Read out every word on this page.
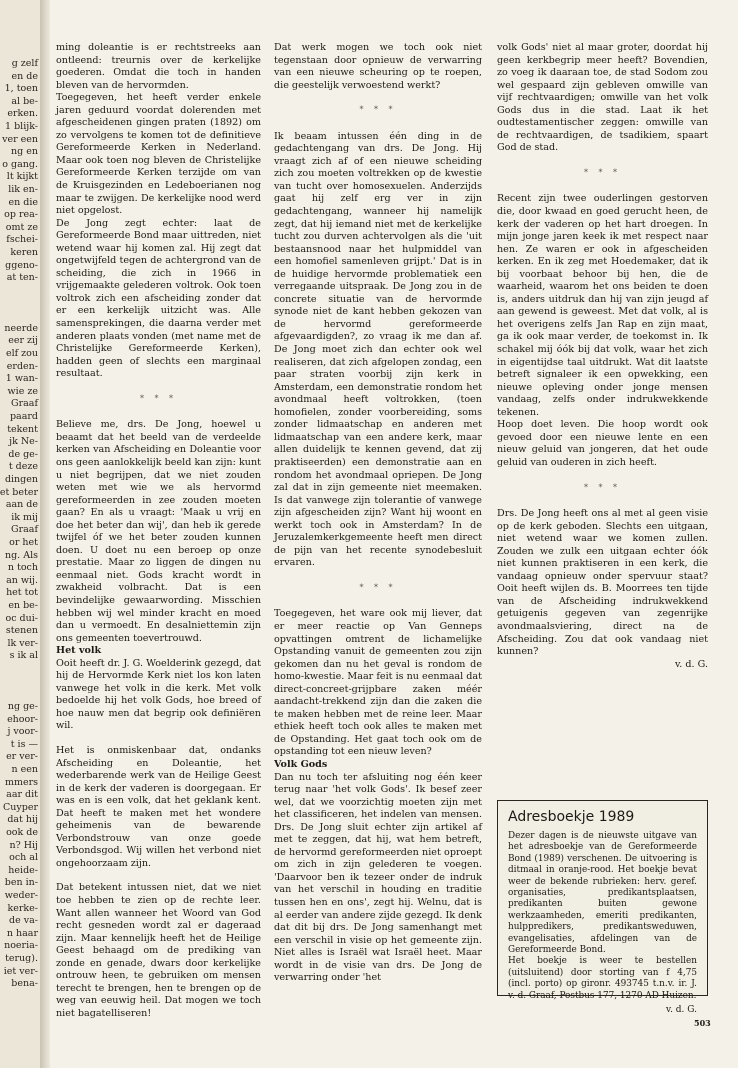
g zelf
en de
1, toen
al be-
erken.
1 blijk-
ver een
ng en
o gang.
lt kijkt
lik en-
en die
op rea-
omt ze
fschei-
keren
ggeno-
at ten-
neerde
eer zij
elf zou
erden-
1 wan-
wie ze
Graaf
paard
tekent
jk Ne-
de ge-
t deze
dingen
et beter
aan de
ik mij
Graaf
or het
ng. Als
n toch
an wij.
het tot
en be-
oc dui-
stenen
lk ver-
s ik al
ng ge-
ehoor-
j voor-
t is —
er ver-
n een
mmers
aar dit
Cuyper
dat hij
ook de
n? Hij
och al
heide-
ben in-
weder-
kerke-
de va-
n haar
noeria-
terug).
iet ver-
bena-

ming doleantie is er rechtstreeks aan ontleend: treurnis over de kerkelijke goederen. Omdat die toch in handen bleven van de hervormden.

Toegegeven, het heeft verder enkele jaren geduurd voordat dolerenden met afgescheidenen gingen praten (1892) om zo vervolgens te komen tot de definitieve Gereformeerde Kerken in Nederland. Maar ook toen nog bleven de Christelijke Gereformeerde Kerken terzijde om van de Kruisgezinden en Ledeboerianen nog maar te zwijgen. De kerkelijke nood werd niet opgelost.

De Jong zegt echter: laat de Gereformeerde Bond maar uittreden, niet wetend waar hij komen zal. Hij zegt dat ongetwijfeld tegen de achtergrond van de scheiding, die zich in 1966 in vrijgemaakte gelederen voltrok. Ook toen voltrok zich een afscheiding zonder dat er een kerkelijk uitzicht was. Alle samensprekingen, die daarna verder met anderen plaats vonden (met name met de Christelijke Gereformeerde Kerken), hadden geen of slechts een marginaal resultaat.

* * *

Believe me, drs. De Jong, hoewel u beaamt dat het beeld van de verdeelde kerken van Afscheiding en Doleantie voor ons geen aanlokkelijk beeld kan zijn: kunt u niet begrijpen, dat we niet zouden weten met wie we als hervormd gereformeerden in zee zouden moeten gaan? En als u vraagt: 'Maak u vrij en doe het beter dan wij', dan heb ik gerede twijfel óf we het beter zouden kunnen doen. U doet nu een beroep op onze prestatie. Maar zo liggen de dingen nu eenmaal niet. Gods kracht wordt in zwakheid volbracht. Dat is een bevindelijke gewaarwording. Misschien hebben wij wel minder kracht en moed dan u vermoedt. En desalniettemin zijn ons gemeenten toevertrouwd.

Het volk

Ooit heeft dr. J. G. Woelderink gezegd, dat hij de Hervormde Kerk niet los kon laten vanwege het volk in die kerk. Met volk bedoelde hij het volk Gods, hoe breed of hoe nauw men dat begrip ook definiëren wil.

Het is onmiskenbaar dat, ondanks Afscheiding en Doleantie, het wederbarende werk van de Heilige Geest in de kerk der vaderen is doorgegaan. Er was en is een volk, dat het geklank kent. Dat heeft te maken met het wondere geheimenis van de bewarende Verbondstrouw van onze goede Verbondsgod. Wij willen het verbond niet ongehoorzaam zijn.

Dat betekent intussen niet, dat we niet toe hebben te zien op de rechte leer. Want allen wanneer het Woord van God recht gesneden wordt zal er dageraad zijn. Maar kennelijk heeft het de Heilige Geest behaagd om de prediking van zonde en genade, dwars door kerkelijke ontrouw heen, te gebruiken om mensen terecht te brengen, hen te brengen op de weg van eeuwig heil. Dat mogen we toch niet bagatelliseren!

Dat werk mogen we toch ook niet tegenstaan door opnieuw de verwarring van een nieuwe scheuring op te roepen, die geestelijk verwoestend werkt?

* * *

Ik beaam intussen één ding in de gedachtengang van drs. De Jong. Hij vraagt zich af of een nieuwe scheiding zich zou moeten voltrekken op de kwestie van tucht over homosexuelen. Anderzijds gaat hij zelf erg ver in zijn gedachtengang, wanneer hij namelijk zegt, dat hij iemand niet met de kerkelijke tucht zou durven achtervolgen als die 'uit bestaansnood naar het hulpmiddel van een homofiel samenleven grijpt.' Dat is in de huidige hervormde problematiek een verregaande uitspraak. De Jong zou in de concrete situatie van de hervormde synode niet de kant hebben gekozen van de hervormd gereformeerde afgevaardigden?, zo vraag ik me dan af. De Jong moet zich dan echter ook wel realiseren, dat zich afgelopen zondag, een paar straten voorbij zijn kerk in Amsterdam, een demonstratie rondom het avondmaal heeft voltrokken, (toen homofielen, zonder voorbereiding, soms zonder lidmaatschap en anderen met lidmaatschap van een andere kerk, maar allen duidelijk te kennen gevend, dat zij praktiseerden) een demonstratie aan en rondom het avondmaal opriepen. De Jong zal dat in zijn gemeente niet meemaken. Is dat vanwege zijn tolerantie of vanwege zijn afgescheiden zijn? Want hij woont en werkt toch ook in Amsterdam? In de Jeruzalemkerkgemeente heeft men direct de pijn van het recente synodebesluit ervaren.

* * *

Toegegeven, het ware ook mij liever, dat er meer reactie op Van Genneps opvattingen omtrent de lichamelijke Opstanding vanuit de gemeenten zou zijn gekomen dan nu het geval is rondom de homo-kwestie. Maar feit is nu eenmaal dat direct-concreet-grijpbare zaken méér aandacht-trekkend zijn dan die zaken die te maken hebben met de reine leer. Maar ethiek heeft toch ook alles te maken met de Opstanding. Het gaat toch ook om de opstanding tot een nieuw leven?

Volk Gods

Dan nu toch ter afsluiting nog één keer terug naar 'het volk Gods'. Ik besef zeer wel, dat we voorzichtig moeten zijn met het classificeren, het indelen van mensen. Drs. De Jong sluit echter zijn artikel af met te zeggen, dat hij, wat hem betreft, de hervormd gereformeerden niet oproept om zich in zijn gelederen te voegen. 'Daarvoor ben ik tezeer onder de indruk van het verschil in houding en traditie tussen hen en ons', zegt hij. Welnu, dat is al eerder van andere zijde gezegd. Ik denk dat dit bij drs. De Jong samenhangt met een verschil in visie op het gemeente zijn. Niet alles is Israël wat Israël heet. Maar wordt in de visie van drs. De Jong de verwarring onder 'het

volk Gods' niet al maar groter, doordat hij geen kerkbegrip meer heeft? Bovendien, zo voeg ik daaraan toe, de stad Sodom zou wel gespaard zijn gebleven omwille van vijf rechtvaardigen; omwille van het volk Gods dus in die stad. Laat ik het oudtestamentischer zeggen: omwille van de rechtvaardigen, de tsadikiem, spaart God de stad.

* * *

Recent zijn twee ouderlingen gestorven die, door kwaad en goed gerucht heen, de kerk der vaderen op het hart droegen. In mijn jonge jaren keek ik met respect naar hen. Ze waren er ook in afgescheiden kerken. En ik zeg met Hoedemaker, dat ik bij voorbaat behoor bij hen, die de waarheid, waarom het ons beiden te doen is, anders uitdruk dan hij van zijn jeugd af aan gewend is geweest. Met dat volk, al is het overigens zelfs Jan Rap en zijn maat, ga ik ook maar verder, de toekomst in. Ik schakel mij óók bij dat volk, waar het zich in eigentijdse taal uitdrukt. Wat dit laatste betreft signaleer ik een opwekking, een nieuwe opleving onder jonge mensen vandaag, zelfs onder indrukwekkende tekenen.

Hoop doet leven. Die hoop wordt ook gevoed door een nieuwe lente en een nieuw geluid van jongeren, dat het oude geluid van ouderen in zich heeft.

* * *

Drs. De Jong heeft ons al met al geen visie op de kerk geboden. Slechts een uitgaan, niet wetend waar we komen zullen. Zouden we zulk een uitgaan echter óók niet kunnen praktiseren in een kerk, die vandaag opnieuw onder spervuur staat? Ooit heeft wijlen ds. B. Moorrees ten tijde van de Afscheiding indrukwekkend getuigenis gegeven van zegenrijke avondmaalsviering, direct na de Afscheiding. Zou dat ook vandaag niet kunnen?

v. d. G.

Adresboekje 1989

Dezer dagen is de nieuwste uitgave van het adresboekje van de Gereformeerde Bond (1989) verschenen. De uitvoering is ditmaal in oranje-rood. Het boekje bevat weer de bekende rubrieken: herv. geref. organisaties, predikantsplaatsen, predikanten buiten gewone werkzaamheden, emeriti predikanten, hulppredikers, predikantsweduwen, evangelisaties, afdelingen van de Gereformeerde Bond.

Het boekje is weer te bestellen (uitsluitend) door storting van f 4,75 (incl. porto) op gironr. 493745 t.n.v. ir. J. v. d. Graaf, Postbus 177, 1270 AD Huizen.

v. d. G.
503
